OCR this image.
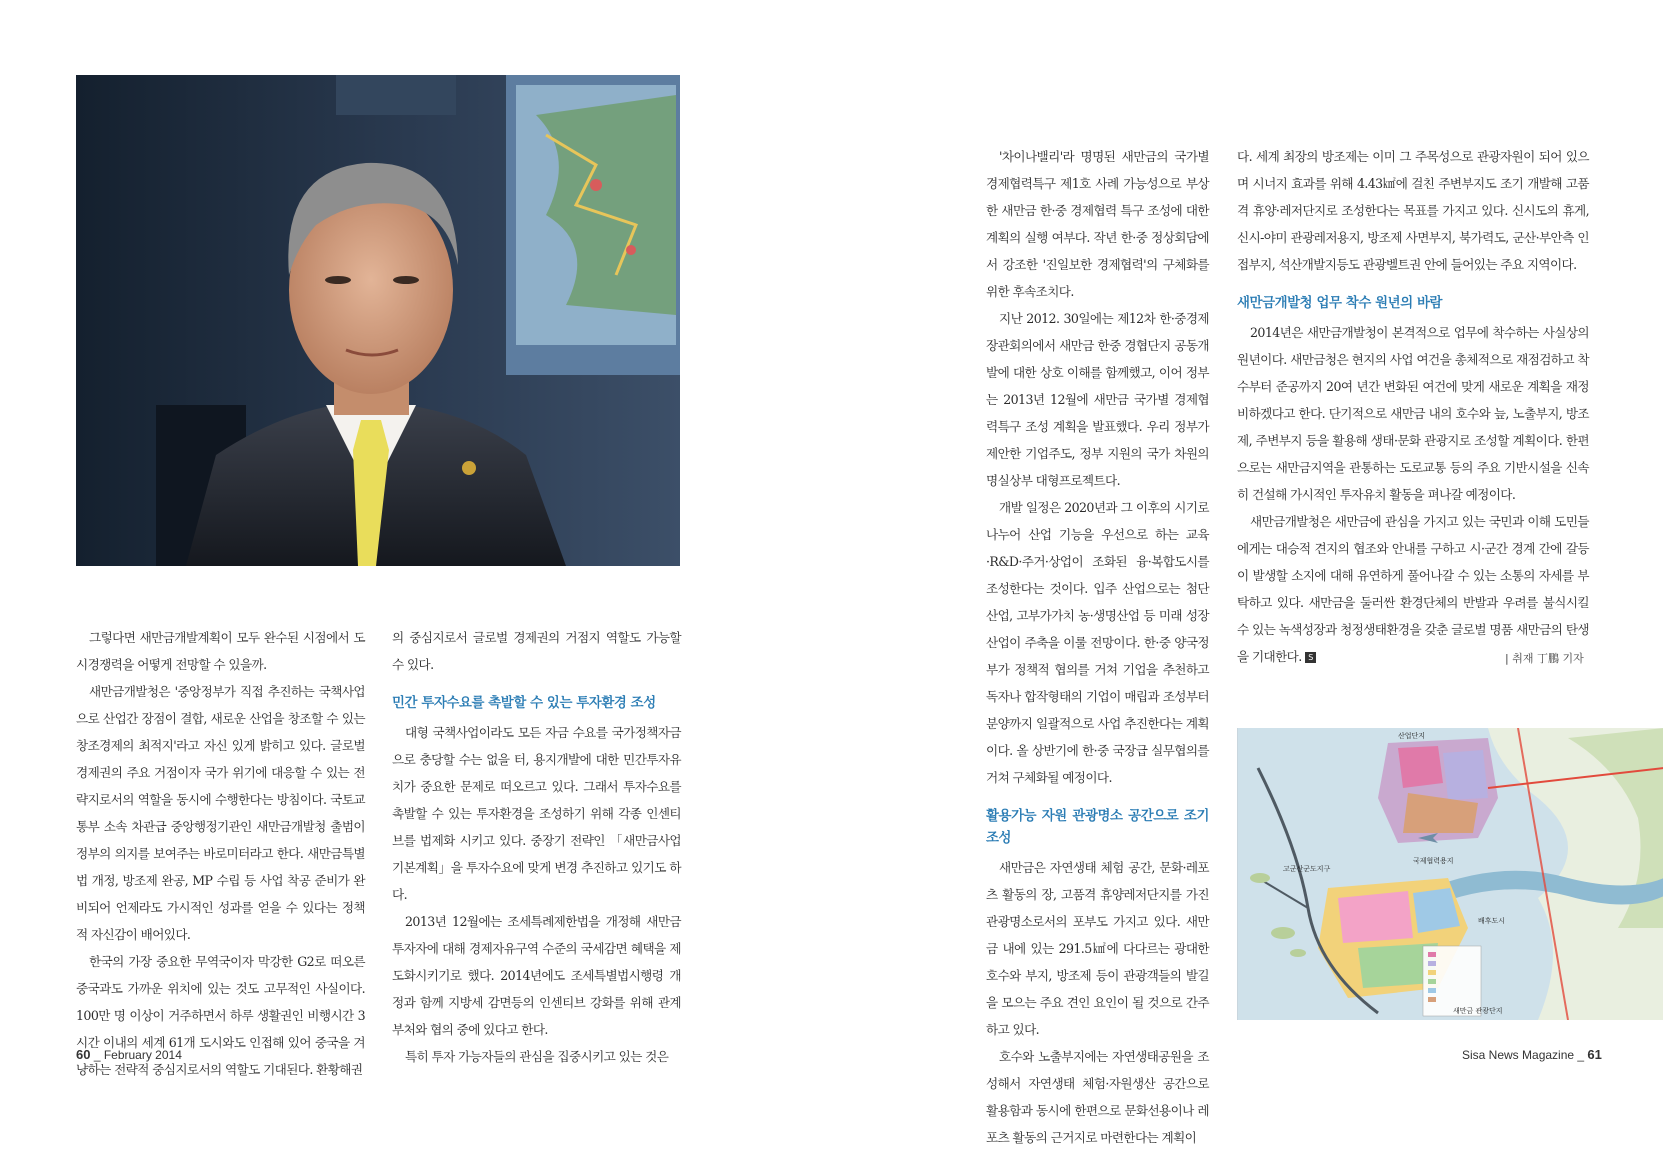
그렇다면 새만금개발계획이 모두 완수된 시점에서 도시경쟁력을 어떻게 전망할 수 있을까.

새만금개발청은 '중앙정부가 직접 추진하는 국책사업으로 산업간 장점이 결합, 새로운 산업을 창조할 수 있는 창조경제의 최적지'라고 자신 있게 밝히고 있다. 글로벌 경제권의 주요 거점이자 국가 위기에 대응할 수 있는 전략지로서의 역할을 동시에 수행한다는 방침이다. 국토교통부 소속 차관급 중앙행정기관인 새만금개발청 출범이 정부의 의지를 보여주는 바로미터라고 한다. 새만금특별법 개정, 방조제 완공, MP 수립 등 사업 착공 준비가 완비되어 언제라도 가시적인 성과를 얻을 수 있다는 정책적 자신감이 배어있다.

한국의 가장 중요한 무역국이자 막강한 G2로 떠오른 중국과도 가까운 위치에 있는 것도 고무적인 사실이다. 100만 명 이상이 거주하면서 하루 생활권인 비행시간 3시간 이내의 세계 61개 도시와도 인접해 있어 중국을 겨냥하는 전략적 중심지로서의 역할도 기대된다. 환황해권

의 중심지로서 글로벌 경제권의 거점지 역할도 가능할 수 있다.

민간 투자수요를 촉발할 수 있는 투자환경 조성

대형 국책사업이라도 모든 자금 수요를 국가정책자금으로 충당할 수는 없을 터, 용지개발에 대한 민간투자유치가 중요한 문제로 떠오르고 있다. 그래서 투자수요를 촉발할 수 있는 투자환경을 조성하기 위해 각종 인센티브를 법제화 시키고 있다. 중장기 전략인 「새만금사업 기본계획」을 투자수요에 맞게 변경 추진하고 있기도 하다.

2013년 12월에는 조세특례제한법을 개정해 새만금 투자자에 대해 경제자유구역 수준의 국세감면 혜택을 제도화시키기로 했다. 2014년에도 조세특별법시행령 개정과 함께 지방세 감면등의 인센티브 강화를 위해 관계부처와 협의 중에 있다고 한다.

특히 투자 가능자들의 관심을 집중시키고 있는 것은

60 _ February 2014

'차이나밸리'라 명명된 새만금의 국가별 경제협력특구 제1호 사례 가능성으로 부상한 새만금 한·중 경제협력 특구 조성에 대한 계획의 실행 여부다. 작년 한·중 정상회담에서 강조한 '진일보한 경제협력'의 구체화를 위한 후속조치다.

지난 2012. 30일에는 제12차 한·중경제장관회의에서 새만금 한중 경협단지 공동개발에 대한 상호 이해를 함께했고, 이어 정부는 2013년 12월에 새만금 국가별 경제협력특구 조성 계획을 발표했다. 우리 정부가 제안한 기업주도, 정부 지원의 국가 차원의 명실상부 대형프로젝트다.

개발 일정은 2020년과 그 이후의 시기로 나누어 산업 기능을 우선으로 하는 교육·R&D·주거·상업이 조화된 융·복합도시를 조성한다는 것이다. 입주 산업으로는 첨단산업, 고부가가치 농·생명산업 등 미래 성장산업이 주축을 이룰 전망이다. 한·중 양국정부가 정책적 협의를 거쳐 기업을 추천하고 독자나 합작형태의 기업이 매립과 조성부터 분양까지 일괄적으로 사업 추진한다는 계획이다. 올 상반기에 한·중 국장급 실무협의를 거쳐 구체화될 예정이다.

활용가능 자원 관광명소 공간으로 조기 조성

새만금은 자연생태 체험 공간, 문화·레포츠 활동의 장, 고품격 휴양레저단지를 가진 관광명소로서의 포부도 가지고 있다. 새만금 내에 있는 291.5㎢에 다다르는 광대한 호수와 부지, 방조제 등이 관광객들의 발길을 모으는 주요 견인 요인이 될 것으로 간주하고 있다.

호수와 노출부지에는 자연생태공원을 조성해서 자연생태 체험·자원생산 공간으로 활용함과 동시에 한편으로 문화선용이나 레포츠 활동의 근거지로 마련한다는 계획이

다. 세계 최장의 방조제는 이미 그 주목성으로 관광자원이 되어 있으며 시너지 효과를 위해 4.43㎢에 걸친 주변부지도 조기 개발해 고품격 휴양·레저단지로 조성한다는 목표를 가지고 있다. 신시도의 휴게, 신시-야미 관광레저용지, 방조제 사면부지, 북가력도, 군산·부안측 인접부지, 석산개발지등도 관광벨트권 안에 들어있는 주요 지역이다.

새만금개발청 업무 착수 원년의 바람

2014년은 새만금개발청이 본격적으로 업무에 착수하는 사실상의 원년이다. 새만금청은 현지의 사업 여건을 총체적으로 재점검하고 착수부터 준공까지 20여 년간 변화된 여건에 맞게 새로운 계획을 재정비하겠다고 한다. 단기적으로 새만금 내의 호수와 늪, 노출부지, 방조제, 주변부지 등을 활용해 생태·문화 관광지로 조성할 계획이다. 한편으로는 새만금지역을 관통하는 도로교통 등의 주요 기반시설을 신속히 건설해 가시적인 투자유치 활동을 펴나갈 예정이다.

새만금개발청은 새만금에 관심을 가지고 있는 국민과 이해 도민들에게는 대승적 견지의 협조와 안내를 구하고 시·군간 경계 간에 갈등이 발생할 소지에 대해 유연하게 풀어나갈 수 있는 소통의 자세를 부탁하고 있다. 새만금을 둘러싼 환경단체의 반발과 우려를 불식시킬 수 있는 녹색성장과 청정생태환경을 갖춘 글로벌 명품 새만금의 탄생을 기대한다. S	| 취재 丁鵬 기자
고군산군도지구
산업단지
국제협력용지
배후도시
새만금 관광단지
Sisa News Magazine _ 61
